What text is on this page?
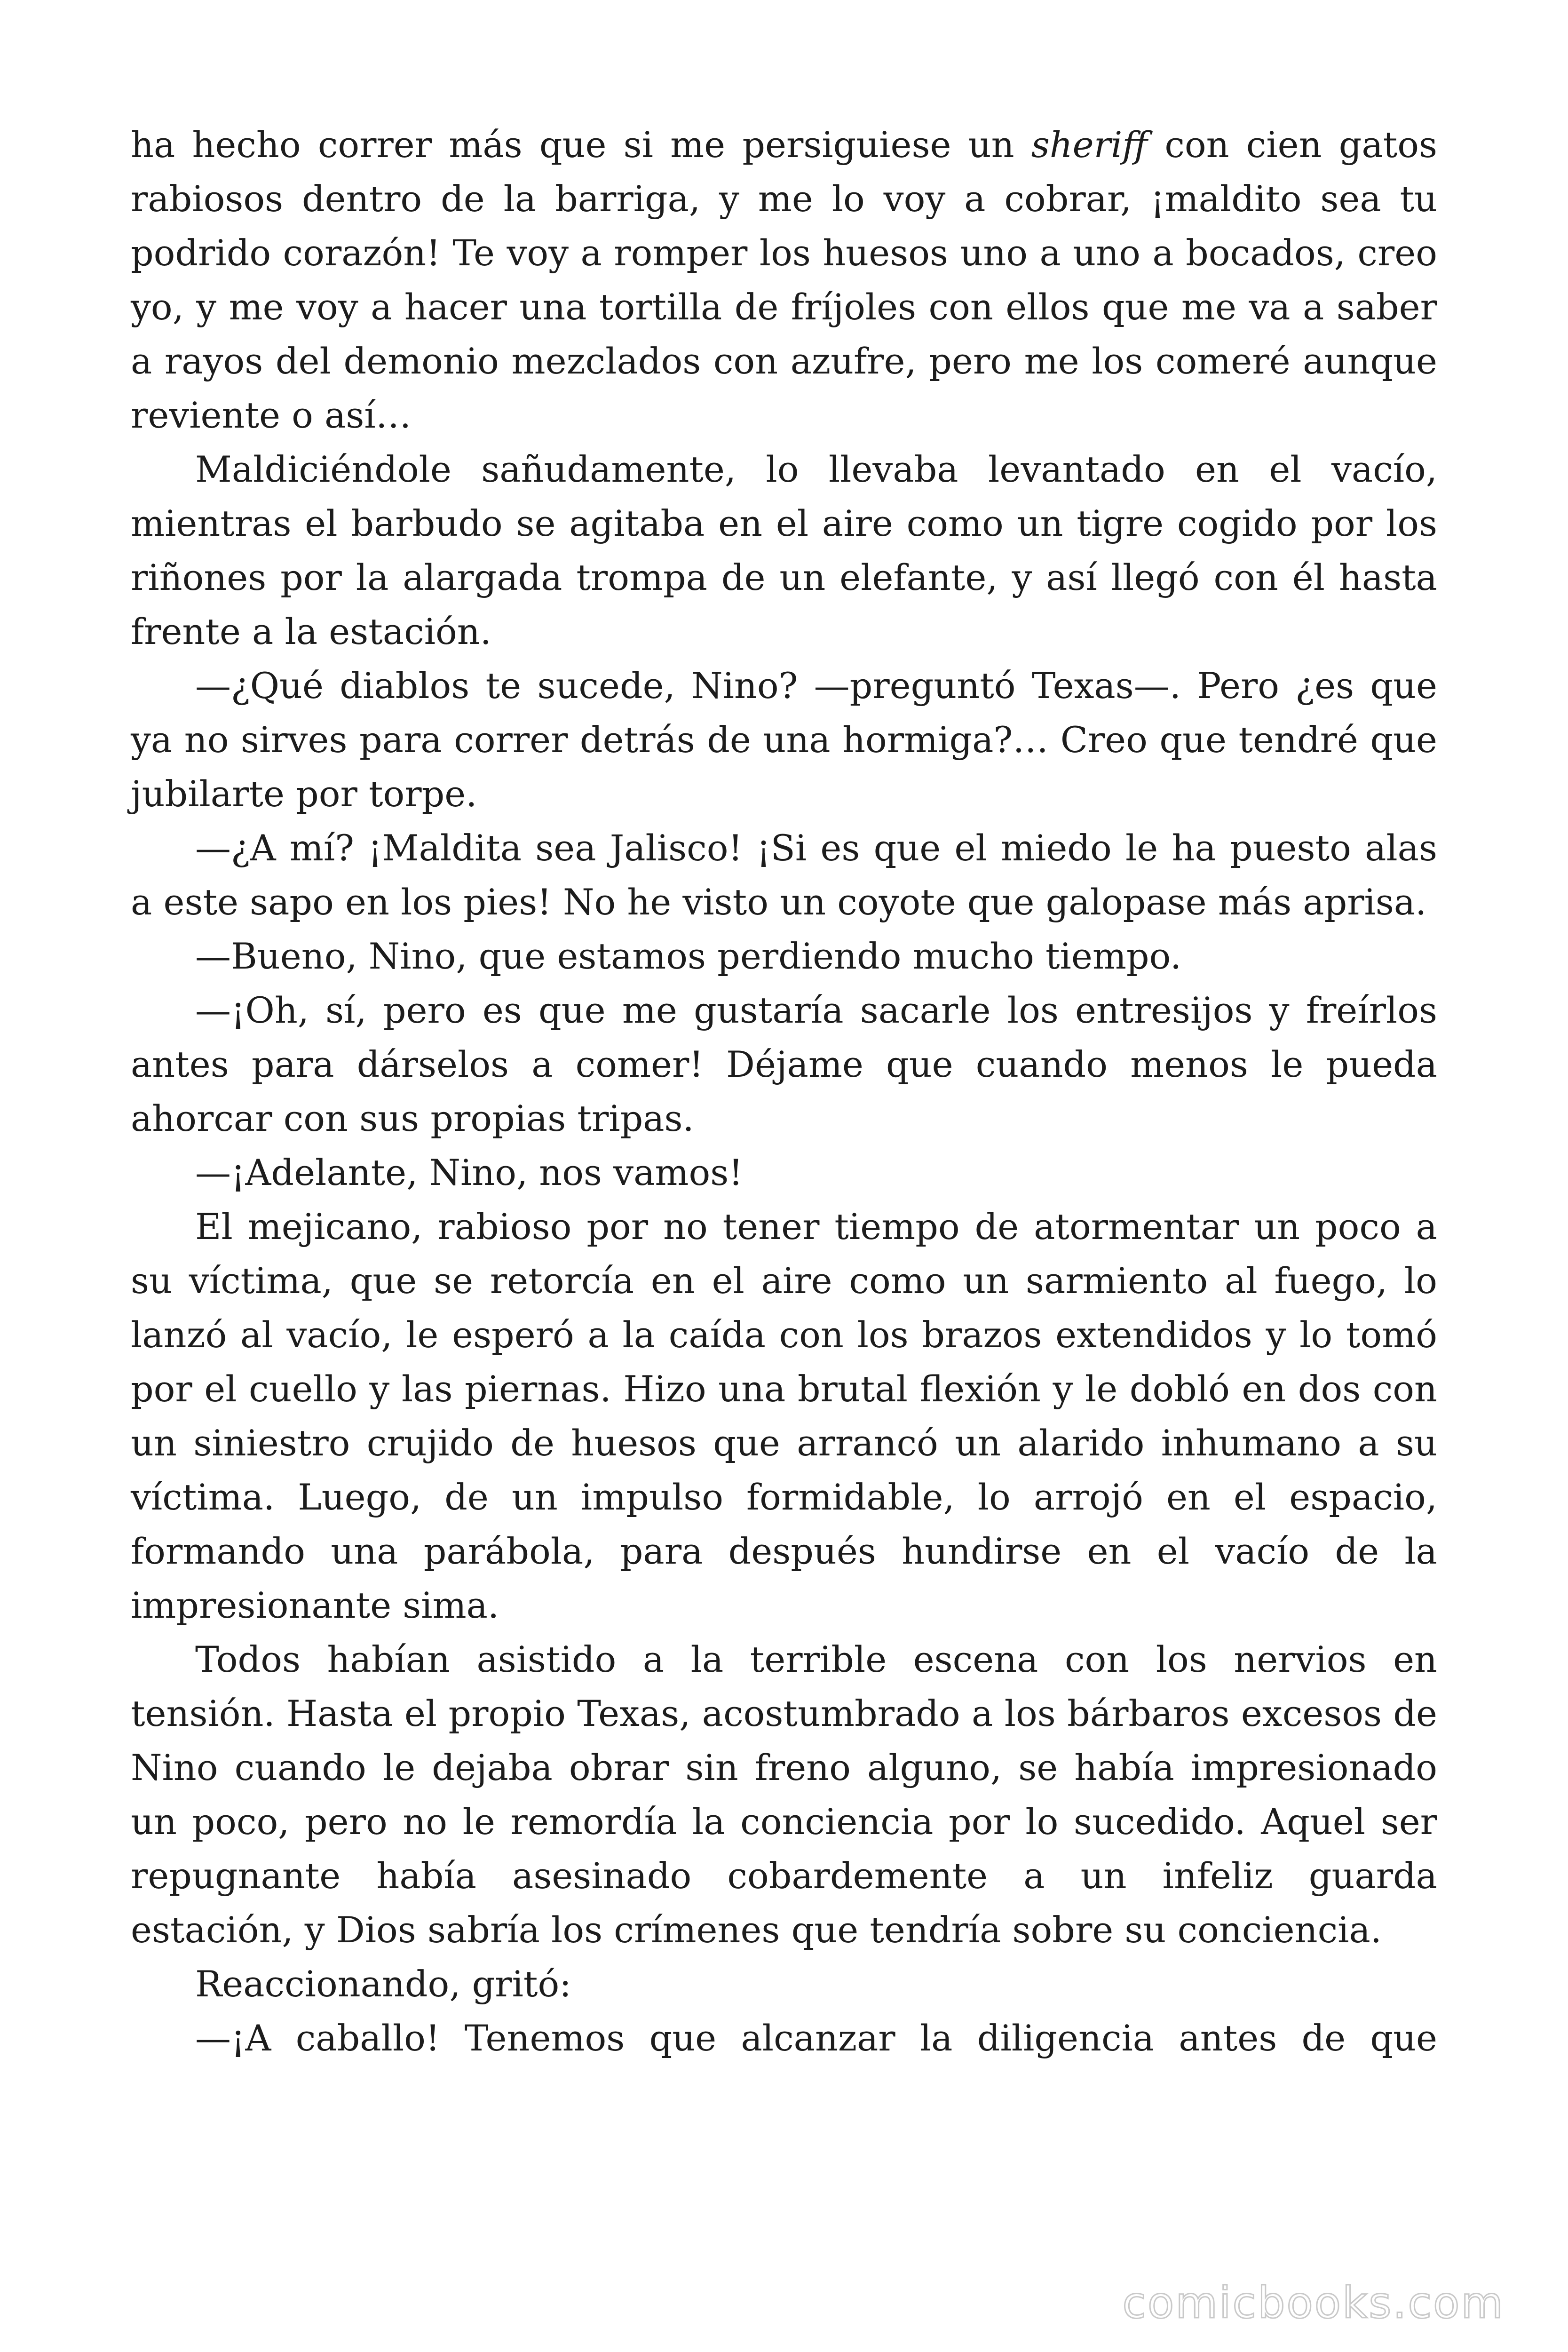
ha hecho correr más que si me persiguiese un sheriff con cien gatos rabiosos dentro de la barriga, y me lo voy a cobrar, ¡maldito sea tu podrido corazón! Te voy a romper los huesos uno a uno a bocados, creo yo, y me voy a hacer una tortilla de fríjoles con ellos que me va a saber a rayos del demonio mezclados con azufre, pero me los comeré aunque reviente o así…

Maldiciéndole sañudamente, lo llevaba levantado en el vacío, mientras el barbudo se agitaba en el aire como un tigre cogido por los riñones por la alargada trompa de un elefante, y así llegó con él hasta frente a la estación.

—¿Qué diablos te sucede, Nino? —preguntó Texas—. Pero ¿es que ya no sirves para correr detrás de una hormiga?… Creo que tendré que jubilarte por torpe.

—¿A mí? ¡Maldita sea Jalisco! ¡Si es que el miedo le ha puesto alas a este sapo en los pies! No he visto un coyote que galopase más aprisa.

—Bueno, Nino, que estamos perdiendo mucho tiempo.

—¡Oh, sí, pero es que me gustaría sacarle los entresijos y freírlos antes para dárselos a comer! Déjame que cuando menos le pueda ahorcar con sus propias tripas.

—¡Adelante, Nino, nos vamos!

El mejicano, rabioso por no tener tiempo de atormentar un poco a su víctima, que se retorcía en el aire como un sarmiento al fuego, lo lanzó al vacío, le esperó a la caída con los brazos extendidos y lo tomó por el cuello y las piernas. Hizo una brutal flexión y le dobló en dos con un siniestro crujido de huesos que arrancó un alarido inhumano a su víctima. Luego, de un impulso formidable, lo arrojó en el espacio, formando una parábola, para después hundirse en el vacío de la impresionante sima.

Todos habían asistido a la terrible escena con los nervios en tensión. Hasta el propio Texas, acostumbrado a los bárbaros excesos de Nino cuando le dejaba obrar sin freno alguno, se había impresionado un poco, pero no le remordía la conciencia por lo sucedido. Aquel ser repugnante había asesinado cobardemente a un infeliz guarda estación, y Dios sabría los crímenes que tendría sobre su conciencia.

Reaccionando, gritó:

—¡A caballo! Tenemos que alcanzar la diligencia antes de que

comicbooks.com
